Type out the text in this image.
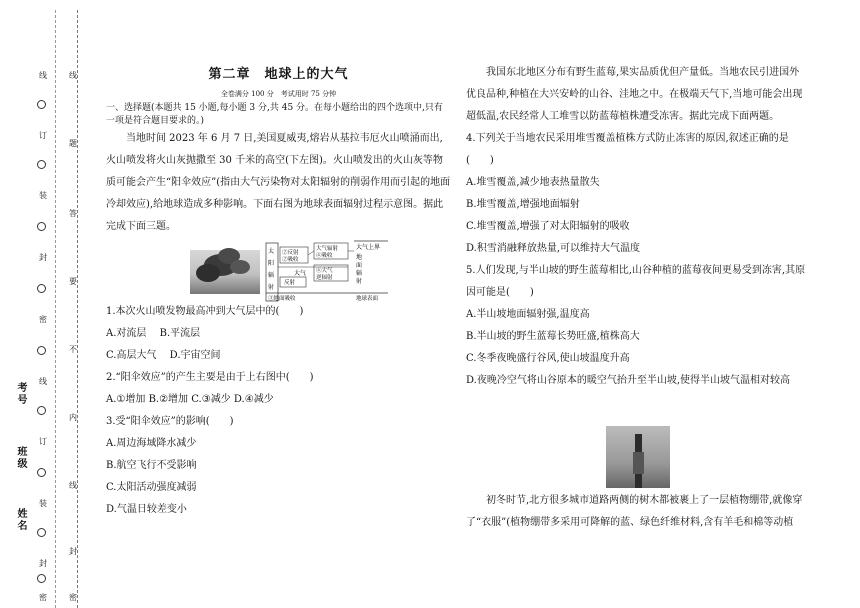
线
订
装
封
密
线
订
装
封
密
线
题
答
要
不
内
线
封
密
考号
班级
姓名
第二章　地球上的大气
全卷满分 100 分　考试用时 75 分钟
一、选择题(本题共 15 小题,每小题 3 分,共 45 分。在每小题给出的四个选项中,只有一项是符合题目要求的。)

当地时间 2023 年 6 月 7 日,美国夏威夷,熔岩从基拉韦厄火山喷涌而出,火山喷发将火山灰抛撒至 30 千米的高空(下左图)。火山喷发出的火山灰等物质可能会产生“阳伞效应”(指由大气污染物对太阳辐射的削弱作用而引起的地面冷却效应),给地球造成多种影响。下面右图为地球表面辐射过程示意图。据此完成下面三题。

太
阳
辐
射
②反射
②吸收
大气
反射
大气辐射
④吸收
④大气
逆辐射
大气上界
地
面
辐
射
③地面吸收	地球表面

1.本次火山喷发物最高冲到大气层中的(　　)

A.对流层　 B.平流层

C.高层大气　 D.宇宙空间

2.“阳伞效应”的产生主要是由于上右图中(　　)

A.①增加 B.②增加 C.③减少 D.④减少

3.受“阳伞效应”的影响(　　)

A.周边海域降水减少

B.航空飞行不受影响

C.太阳活动强度减弱

D.气温日较差变小

我国东北地区分布有野生蓝莓,果实品质优但产量低。当地农民引进国外优良品种,种植在大兴安岭的山谷、洼地之中。在极端天气下,当地可能会出现超低温,农民经常人工堆雪以防蓝莓植株遭受冻害。据此完成下面两题。

4.下列关于当地农民采用堆雪覆盖植株方式防止冻害的原因,叙述正确的是(　　)

A.堆雪覆盖,减少地表热量散失

B.堆雪覆盖,增强地面辐射

C.堆雪覆盖,增强了对太阳辐射的吸收

D.积雪消融释放热量,可以维持大气温度

5.人们发现,与半山坡的野生蓝莓相比,山谷种植的蓝莓夜间更易受到冻害,其原因可能是(　　)

A.半山坡地面辐射强,温度高

B.半山坡的野生蓝莓长势旺盛,植株高大

C.冬季夜晚盛行谷风,使山坡温度升高

D.夜晚冷空气将山谷原本的暖空气抬升至半山坡,使得半山坡气温相对较高

初冬时节,北方很多城市道路两侧的树木都被裹上了一层植物绷带,就像穿了“衣服”(植物绷带多采用可降解的蓝、绿色纤维材料,含有羊毛和棉等动植
